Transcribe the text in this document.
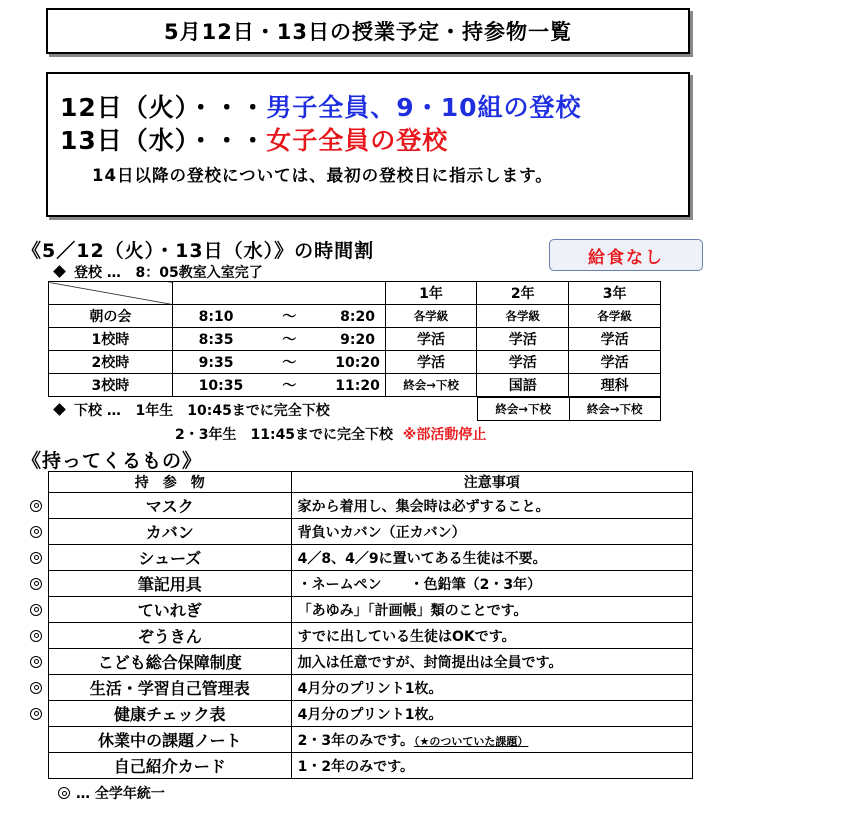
5月12日・13日の授業予定・持参物一覧
12日（火）・・・男子全員、9・10組の登校
13日（水）・・・女子全員の登校
14日以降の登校については、最初の登校日に指示します。
《5／12（火）・13日（水）》の時間割	給食なし
登校 … 8：05教室入室完了
		1年	2年	3年
朝の会	8:10 〜 8:20	各学級	各学級	各学級
1校時	8:35 〜 9:20	学活	学活	学活
2校時	9:35 〜 10:20	学活	学活	学活
3校時	10:35 〜 11:20	終会→下校	国語	理科
下校 … 1年生　10:45までに完全下校	終会→下校	終会→下校
2・3年生　11:45までに完全下校 ※部活動停止
《持ってくるもの》
持　参　物	注意事項
マスク	家から着用し、集会時は必ずすること。
カバン	背負いカバン（正カバン）
シューズ	4／8、4／9に置いてある生徒は不要。
筆記用具	・ネームペン　　・色鉛筆（2・3年）
ていれぎ	「あゆみ」「計画帳」類のことです。
ぞうきん	すでに出している生徒はOKです。
こども総合保障制度	加入は任意ですが、封筒提出は全員です。
生活・学習自己管理表	4月分のプリント1枚。
健康チェック表	4月分のプリント1枚。
休業中の課題ノート	2・3年のみです。（★のついていた課題）
自己紹介カード	1・2年のみです。
… 全学年統一
